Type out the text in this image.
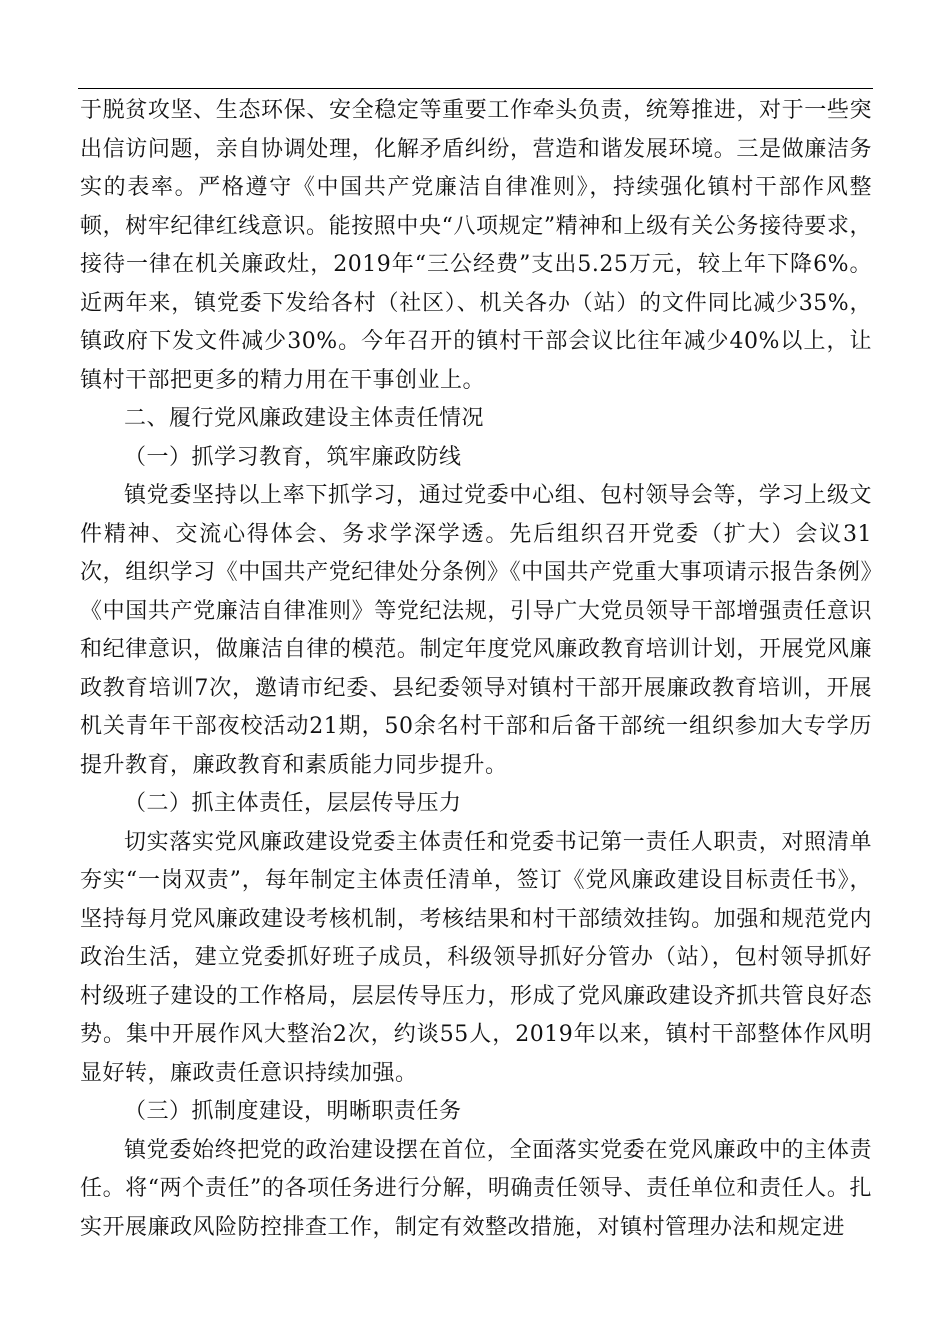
于脱贫攻坚、生态环保、安全稳定等重要工作牵头负责，统筹推进，对于一些突出信访问题，亲自协调处理，化解矛盾纠纷，营造和谐发展环境。三是做廉洁务实的表率。严格遵守《中国共产党廉洁自律准则》，持续强化镇村干部作风整顿，树牢纪律红线意识。能按照中央“八项规定”精神和上级有关公务接待要求，接待一律在机关廉政灶，2019年“三公经费”支出5.25万元，较上年下降6%。近两年来，镇党委下发给各村（社区）、机关各办（站）的文件同比减少35%，镇政府下发文件减少30%。今年召开的镇村干部会议比往年减少40%以上，让镇村干部把更多的精力用在干事创业上。

二、履行党风廉政建设主体责任情况

（一）抓学习教育，筑牢廉政防线

镇党委坚持以上率下抓学习，通过党委中心组、包村领导会等，学习上级文件精神、交流心得体会、务求学深学透。先后组织召开党委（扩大）会议31次，组织学习《中国共产党纪律处分条例》《中国共产党重大事项请示报告条例》《中国共产党廉洁自律准则》等党纪法规，引导广大党员领导干部增强责任意识和纪律意识，做廉洁自律的模范。制定年度党风廉政教育培训计划，开展党风廉政教育培训7次，邀请市纪委、县纪委领导对镇村干部开展廉政教育培训，开展机关青年干部夜校活动21期，50余名村干部和后备干部统一组织参加大专学历提升教育，廉政教育和素质能力同步提升。

（二）抓主体责任，层层传导压力

切实落实党风廉政建设党委主体责任和党委书记第一责任人职责，对照清单夯实“一岗双责”，每年制定主体责任清单，签订《党风廉政建设目标责任书》，坚持每月党风廉政建设考核机制，考核结果和村干部绩效挂钩。加强和规范党内政治生活，建立党委抓好班子成员，科级领导抓好分管办（站），包村领导抓好村级班子建设的工作格局，层层传导压力，形成了党风廉政建设齐抓共管良好态势。集中开展作风大整治2次，约谈55人，2019年以来，镇村干部整体作风明显好转，廉政责任意识持续加强。

（三）抓制度建设，明晰职责任务

镇党委始终把党的政治建设摆在首位，全面落实党委在党风廉政中的主体责任。将“两个责任”的各项任务进行分解，明确责任领导、责任单位和责任人。扎实开展廉政风险防控排查工作，制定有效整改措施，对镇村管理办法和规定进
